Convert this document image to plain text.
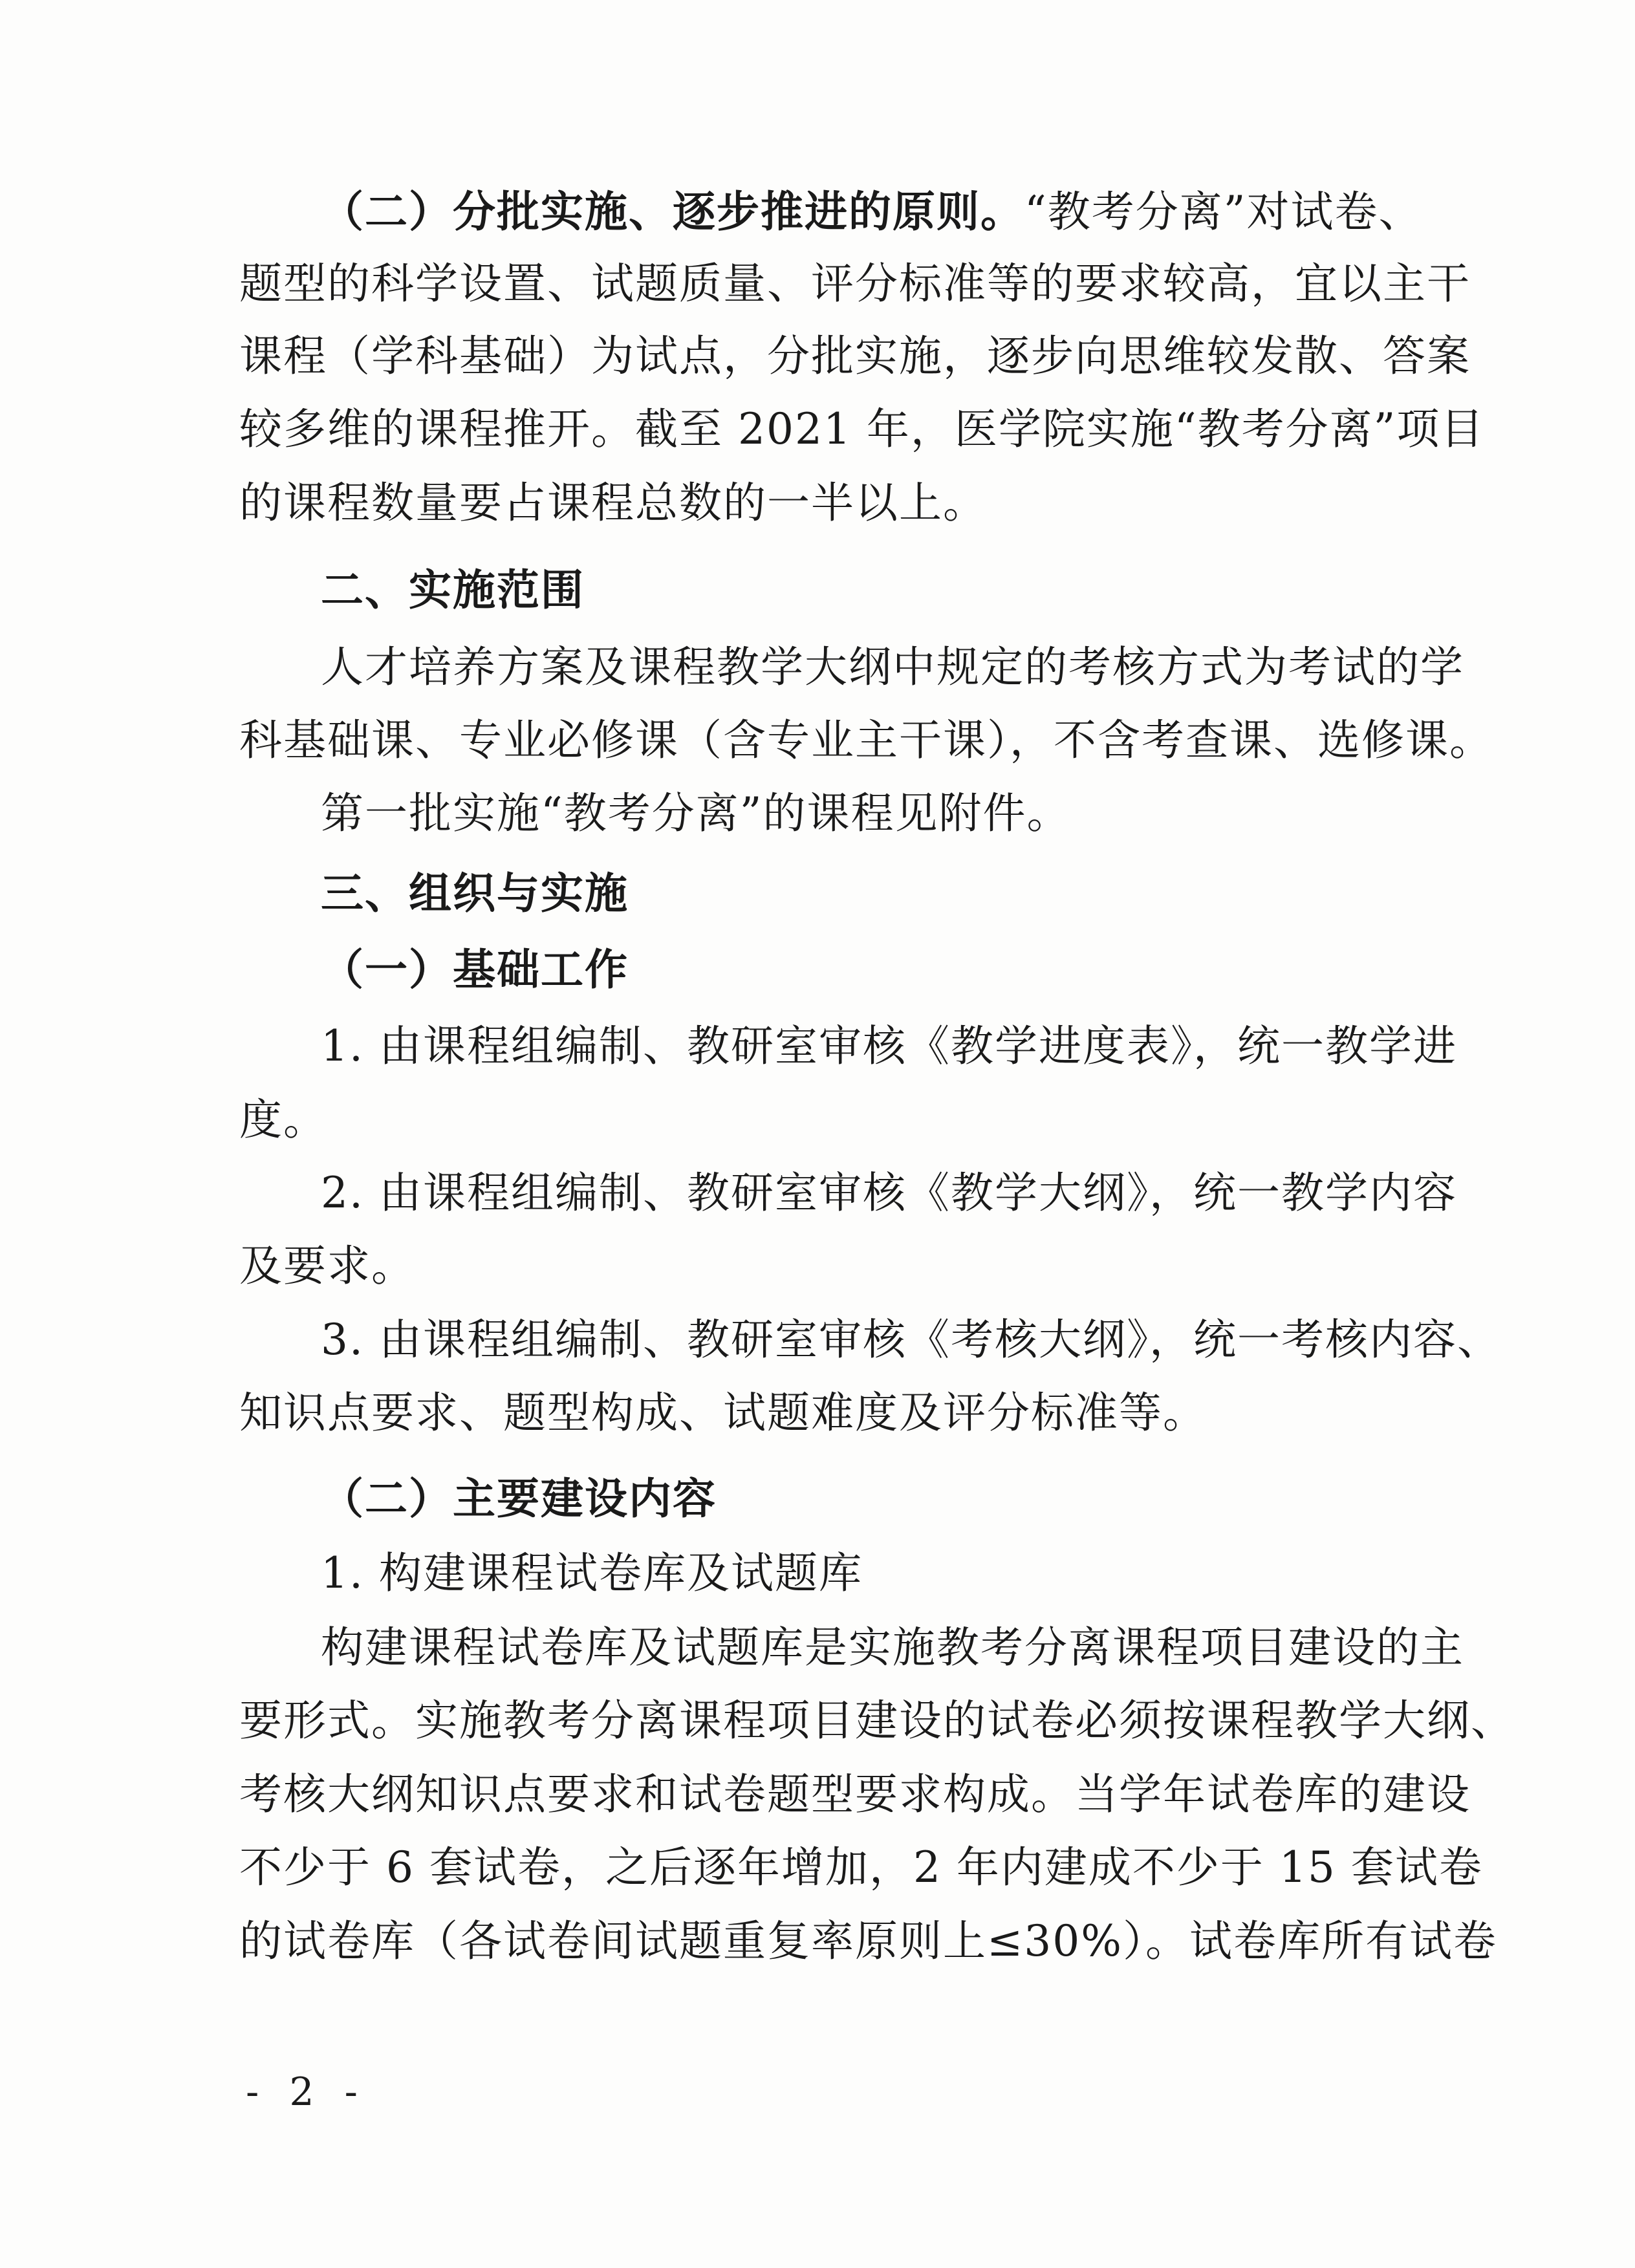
（二）分批实施、逐步推进的原则。“教考分离”对试卷、
题型的科学设置、试题质量、评分标准等的要求较高，宜以主干
课程（学科基础）为试点，分批实施，逐步向思维较发散、答案
较多维的课程推开。截至 2021 年，医学院实施“教考分离”项目
的课程数量要占课程总数的一半以上。
二、实施范围
人才培养方案及课程教学大纲中规定的考核方式为考试的学
科基础课、专业必修课（含专业主干课），不含考查课、选修课。
第一批实施“教考分离”的课程见附件。
三、组织与实施
（一）基础工作
1. 由课程组编制、教研室审核《教学进度表》，统一教学进
度。
2. 由课程组编制、教研室审核《教学大纲》，统一教学内容
及要求。
3. 由课程组编制、教研室审核《考核大纲》，统一考核内容、
知识点要求、题型构成、试题难度及评分标准等。
（二）主要建设内容
1. 构建课程试卷库及试题库
构建课程试卷库及试题库是实施教考分离课程项目建设的主
要形式。实施教考分离课程项目建设的试卷必须按课程教学大纲、
考核大纲知识点要求和试卷题型要求构成。当学年试卷库的建设
不少于 6 套试卷，之后逐年增加，2 年内建成不少于 15 套试卷
的试卷库（各试卷间试题重复率原则上≤30%）。试卷库所有试卷
- 2 -
